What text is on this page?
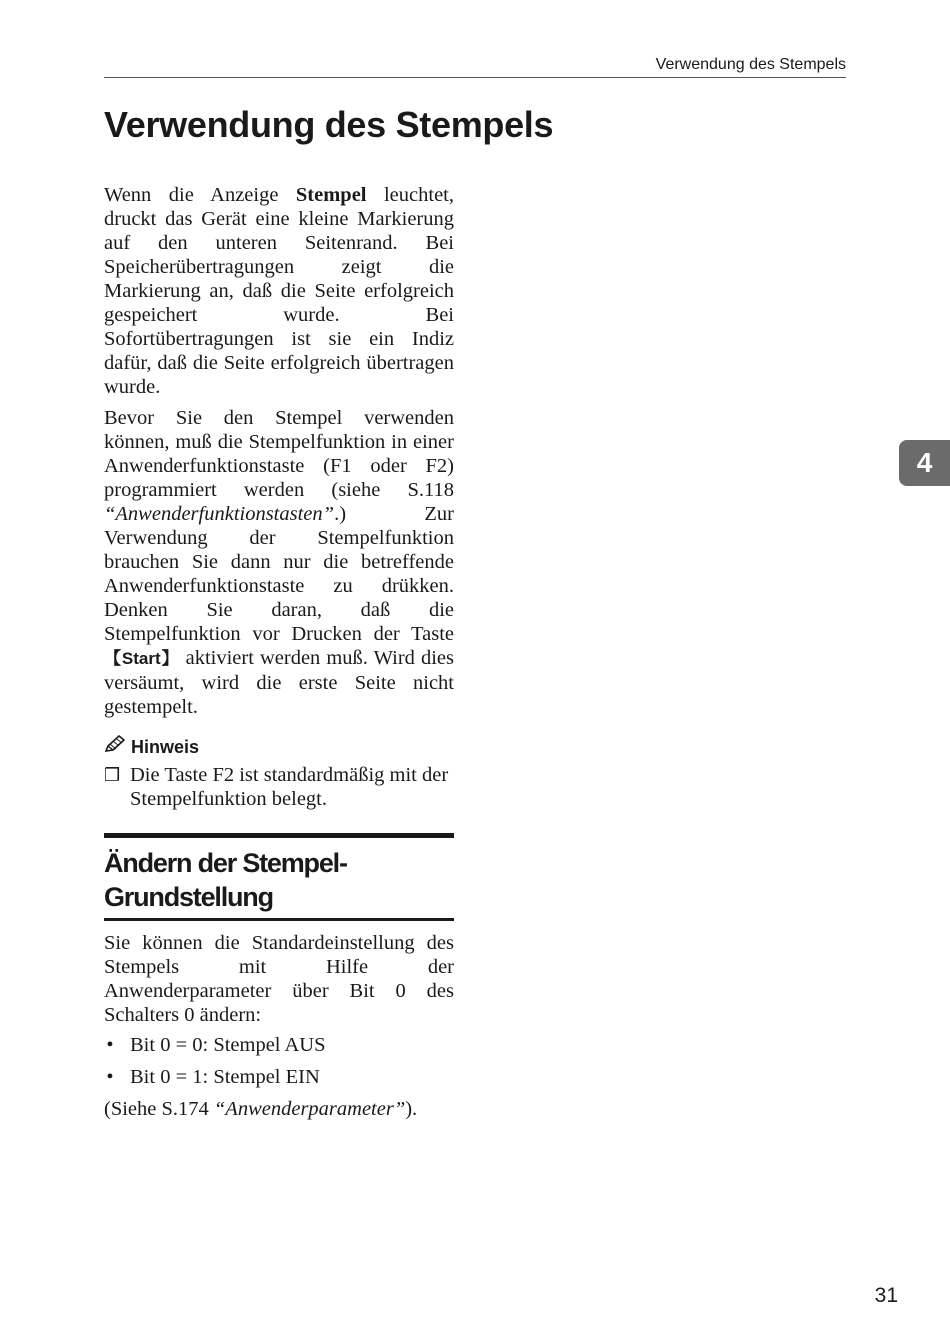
Verwendung des Stempels
Verwendung des Stempels

Wenn die Anzeige Stempel leuchtet, druckt das Gerät eine kleine Markierung auf den unteren Seitenrand. Bei Speicherübertragungen zeigt die Markierung an, daß die Seite erfolgreich gespeichert wurde. Bei Sofortübertragungen ist sie ein Indiz dafür, daß die Seite erfolgreich übertragen wurde.

Bevor Sie den Stempel verwenden können, muß die Stempelfunktion in einer Anwenderfunktionstaste (F1 oder F2) programmiert werden (siehe S.118 “Anwenderfunktionstasten”.) Zur Verwendung der Stempelfunktion brauchen Sie dann nur die betreffende Anwenderfunktionstaste zu drükken. Denken Sie daran, daß die Stempelfunktion vor Drucken der Taste 【Start】 aktiviert werden muß. Wird dies versäumt, wird die erste Seite nicht gestempelt.

Hinweis
❒ Die Taste F2 ist standardmäßig mit der Stempelfunktion belegt.
Ändern der Stempel-Grundstellung

Sie können die Standardeinstellung des Stempels mit Hilfe der Anwenderparameter über Bit 0 des Schalters 0 ändern:

• Bit 0 = 0: Stempel AUS
• Bit 0 = 1: Stempel EIN

(Siehe S.174 “Anwenderparameter”).

4
31
